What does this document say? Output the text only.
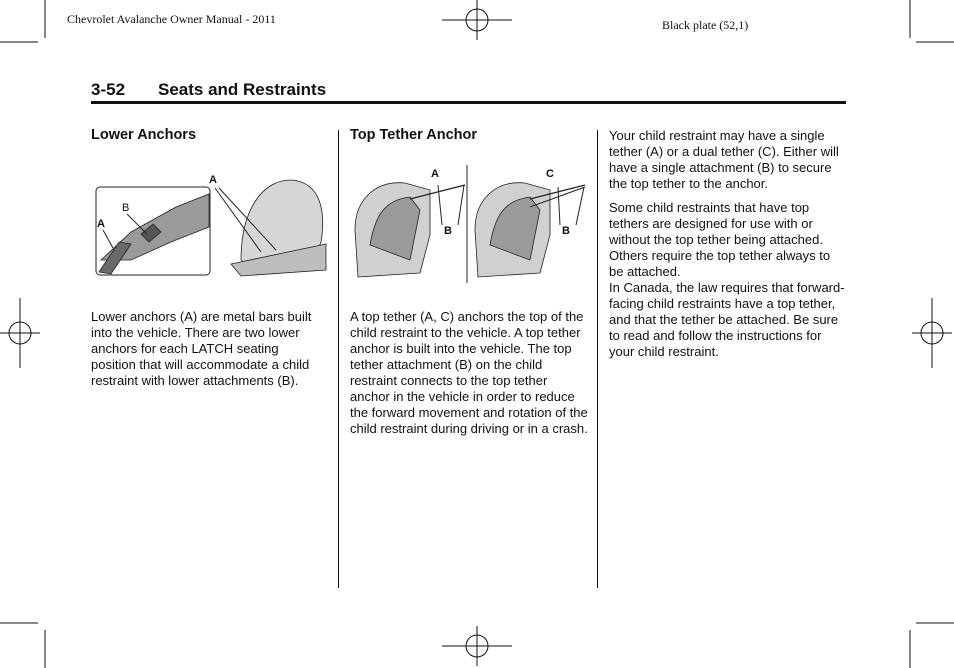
Chevrolet Avalanche Owner Manual - 2011	Black plate (52,1)
3-52 Seats and Restraints
Lower Anchors
A
B
A

Lower anchors (A) are metal bars built into the vehicle. There are two lower anchors for each LATCH seating position that will accommodate a child restraint with lower attachments (B).

Top Tether Anchor
A
B
C
B

A top tether (A, C) anchors the top of the child restraint to the vehicle. A top tether anchor is built into the vehicle. The top tether attachment (B) on the child restraint connects to the top tether anchor in the vehicle in order to reduce the forward movement and rotation of the child restraint during driving or in a crash.

Your child restraint may have a single tether (A) or a dual tether (C). Either will have a single attachment (B) to secure the top tether to the anchor.

Some child restraints that have top tethers are designed for use with or without the top tether being attached. Others require the top tether always to be attached.

In Canada, the law requires that forward-facing child restraints have a top tether, and that the tether be attached. Be sure to read and follow the instructions for your child restraint.
